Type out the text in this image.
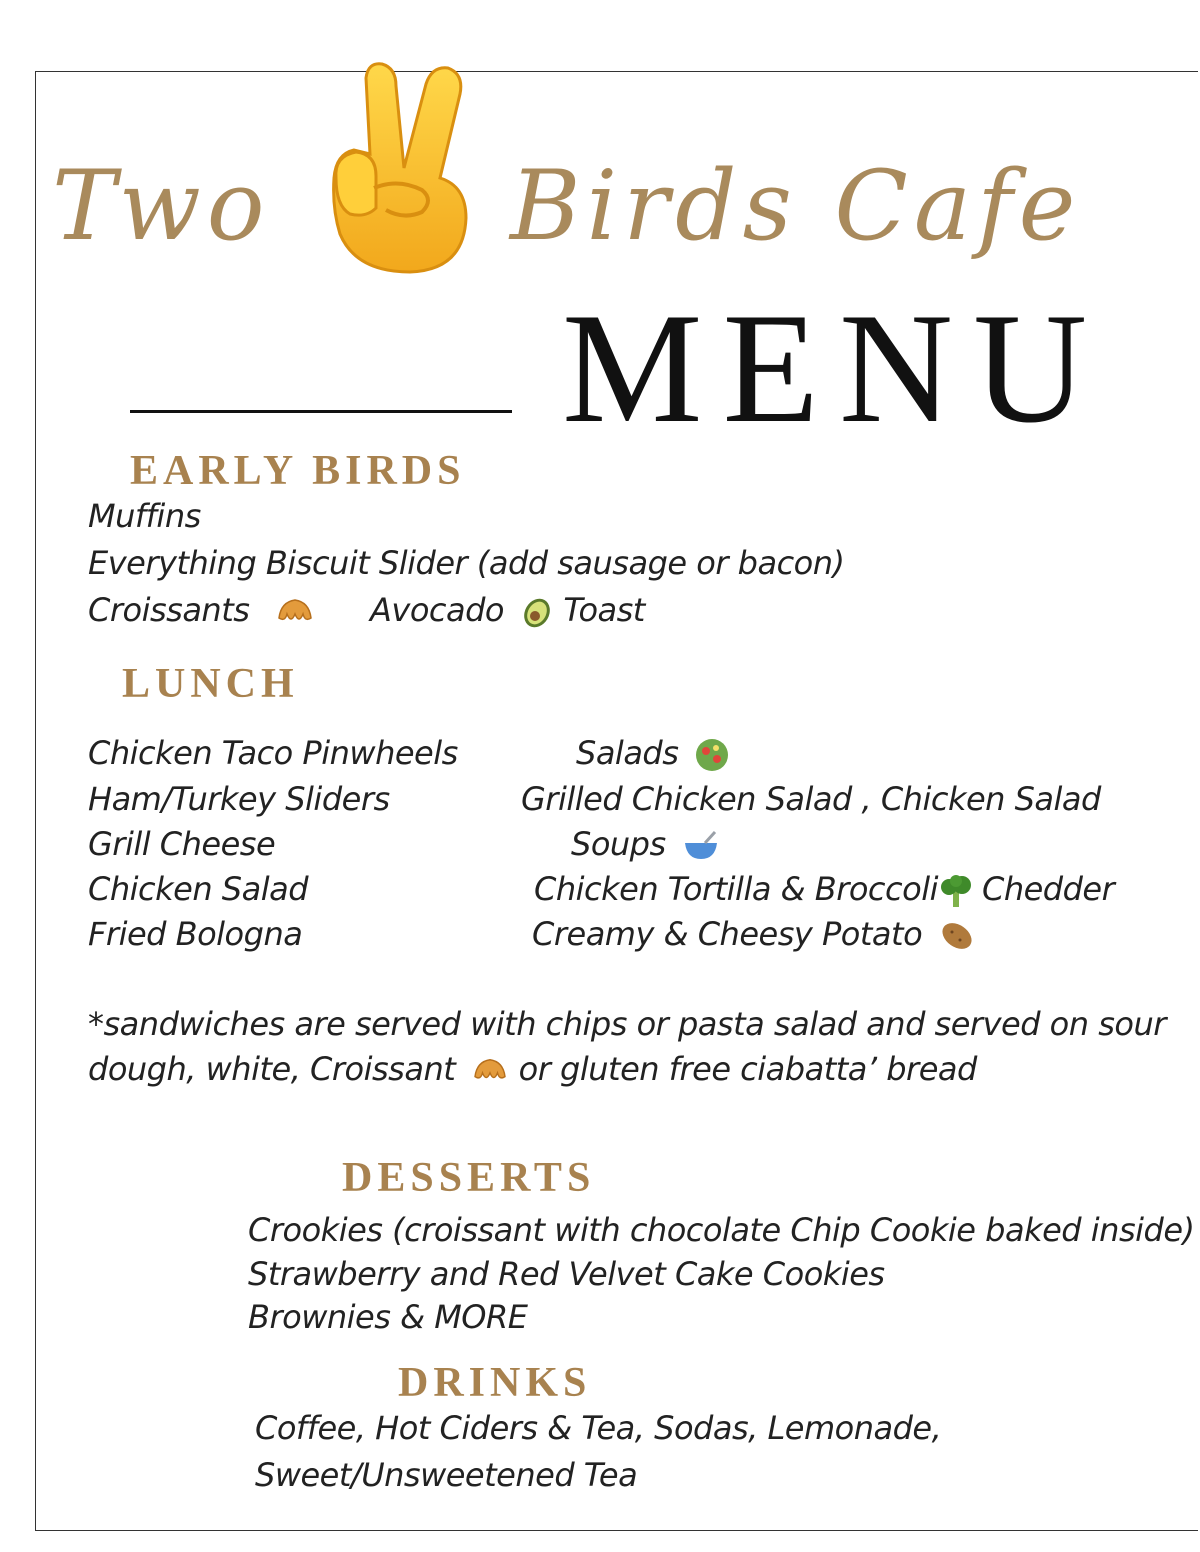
Two Birds Cafe
MENU
EARLY BIRDS
Muffins
Everything Biscuit Slider (add sausage or bacon)
Croissants	Avocado Toast
LUNCH
Chicken Taco Pinwheels
Ham/Turkey Sliders
Grill Cheese
Chicken Salad
Fried Bologna
Salads
Grilled Chicken Salad , Chicken Salad
Soups
Chicken Tortilla & Broccoli Chedder
Creamy & Cheesy Potato
*sandwiches are served with chips or pasta salad and served on sour
dough, white, Croissant or gluten free ciabatta’ bread
DESSERTS
Crookies (croissant with chocolate Chip Cookie baked inside)
Strawberry and Red Velvet Cake Cookies
Brownies & MORE
DRINKS
Coffee, Hot Ciders & Tea, Sodas, Lemonade,
Sweet/Unsweetened Tea
